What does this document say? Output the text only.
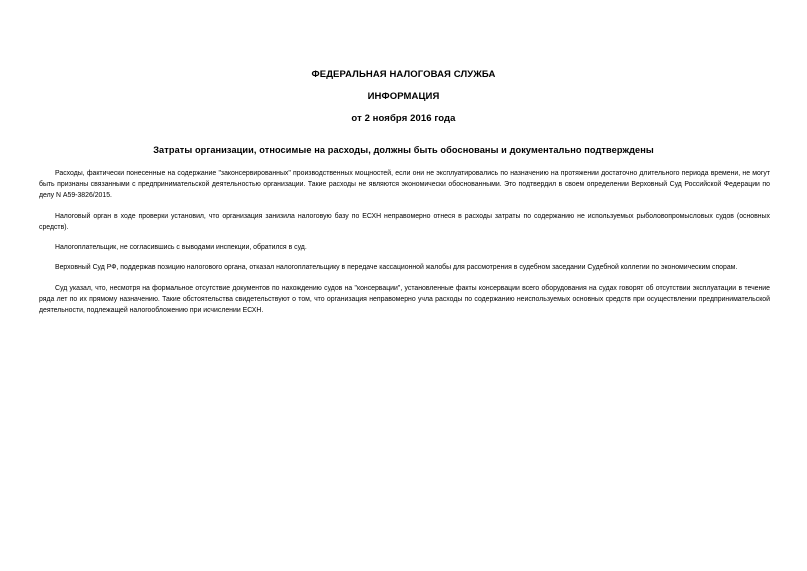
ФЕДЕРАЛЬНАЯ НАЛОГОВАЯ СЛУЖБА
ИНФОРМАЦИЯ
от 2 ноября 2016 года
Затраты организации, относимые на расходы, должны быть обоснованы и документально подтверждены

Расходы, фактически понесенные на содержание "законсервированных" производственных мощностей, если они не эксплуатировались по назначению на протяжении достаточно длительного периода времени, не могут быть признаны связанными с предпринимательской деятельностью организации. Такие расходы не являются экономически обоснованными. Это подтвердил в своем определении Верховный Суд Российской Федерации по делу N А59-3826/2015.

Налоговый орган в ходе проверки установил, что организация занизила налоговую базу по ЕСХН неправомерно отнеся в расходы затраты по содержанию не используемых рыболовопромысловых судов (основных средств).

Налогоплательщик, не согласившись с выводами инспекции, обратился в суд.

Верховный Суд РФ, поддержав позицию налогового органа, отказал налогоплательщику в передаче кассационной жалобы для рассмотрения в судебном заседании Судебной коллегии по экономическим спорам.

Суд указал, что, несмотря на формальное отсутствие документов по нахождению судов на "консервации", установленные факты консервации всего оборудования на судах говорят об отсутствии эксплуатации в течение ряда лет по их прямому назначению. Такие обстоятельства свидетельствуют о том, что организация неправомерно учла расходы по содержанию неиспользуемых основных средств при осуществлении предпринимательской деятельности, подлежащей налогообложению при исчислении ЕСХН.
